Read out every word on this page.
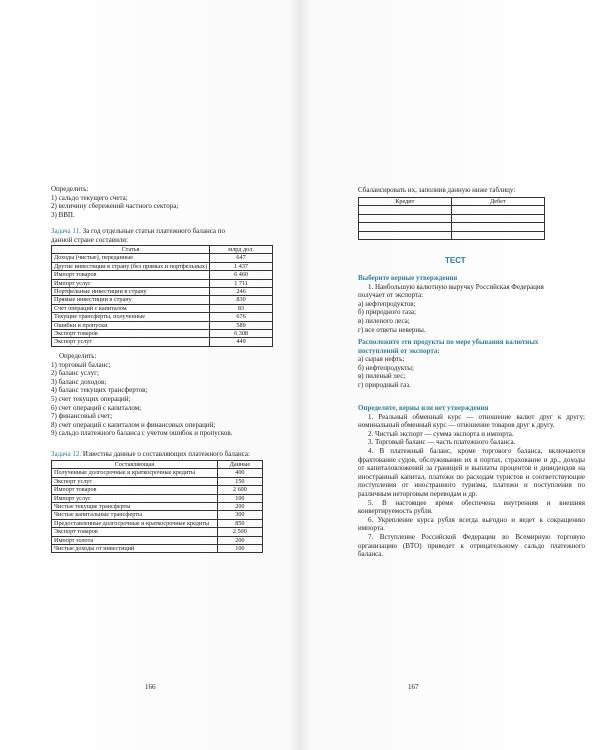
Определить:
1) сальдо текущего счета;
2) величину сбережений частного сектора;
3) ВВП.
Задача 11. За год отдельные статьи платежного баланса по
данной стране составили:
Статья	млрд дол.
Доходы (чистые), переданные	647
Другие инвестиции в страну (без прямых и портфельных)	1 437
Импорт товаров	6 460
Импорт услуг	1 711
Портфельные инвестиции в страну	246
Прямые инвестиции в страну	830
Счет операций с капиталом	83
Текущие трансферты, полученные	676
Ошибки и пропуски	589
Экспорт товаров	6 308
Экспорт услуг	449
Определить:
1) торговый баланс;
2) баланс услуг;
3) баланс доходов;
4) баланс текущих трансфертов;
5) счет текущих операций;
6) счет операций с капиталом;
7) финансовый счет;
8) счет операций с капиталом и финансовых операций;
9) сальдо платежного баланса с учетом ошибок и пропусков.
Задача 12. Известны данные о составляющих платежного баланса:
Составляющая	Данные
Полученные долгосрочные и краткосрочные кредиты	400
Экспорт услуг	150
Импорт товаров	2 600
Импорт услуг	100
Чистые текущие трансферты	200
Чистые капитальные трансферты	300
Предоставленные долгосрочные и краткосрочные кредиты	850
Экспорт товаров	2 500
Импорт золота	200
Чистые доходы от инвестиций	100
166
Сбалансировать их, заполнив данную ниже таблицу:
Кредит	Дебет

ТЕСТ
Выберите верные утверждения
1. Наибольшую валютную выручку Российская Федерация
получает от экспорта:
а) нефтепродуктов;
б) природного газа;
в) пиленого леса;
г) все ответы неверны.
Расположите эти продукты по мере убывания валютных
поступлений от экспорта:
а) сырая нефть;
б) нефтепродукты;
в) пиленый лес;
г) природный газ.
Определите, верны или нет утверждения
1. Реальный обменный курс — отношение валют друг к другу; номинальный обменный курс — отношение товаров друг к другу.
2. Чистый экспорт — сумма экспорта и импорта.
3. Торговый баланс — часть платежного баланса.
4. В платежный баланс, кроме торгового баланса, включаются фрахтование судов, обслуживание их в портах, страхование и др., доходы от капиталовложений за границей и выплаты процентов и дивидендов на иностранный капитал, платежи по расходам туристов и соответствующие поступления от иностранного туризма, платежи и поступления по различным неторговым переводам и др.
5. В настоящее время обеспечена внутренняя и внешняя конвертируемость рубля.
6. Укрепление курса рубля всегда выгодно и ведет к сокращению импорта.
7. Вступление Российской Федерации во Всемирную торговую организацию (ВТО) приведет к отрицательному сальдо платежного баланса.
167
